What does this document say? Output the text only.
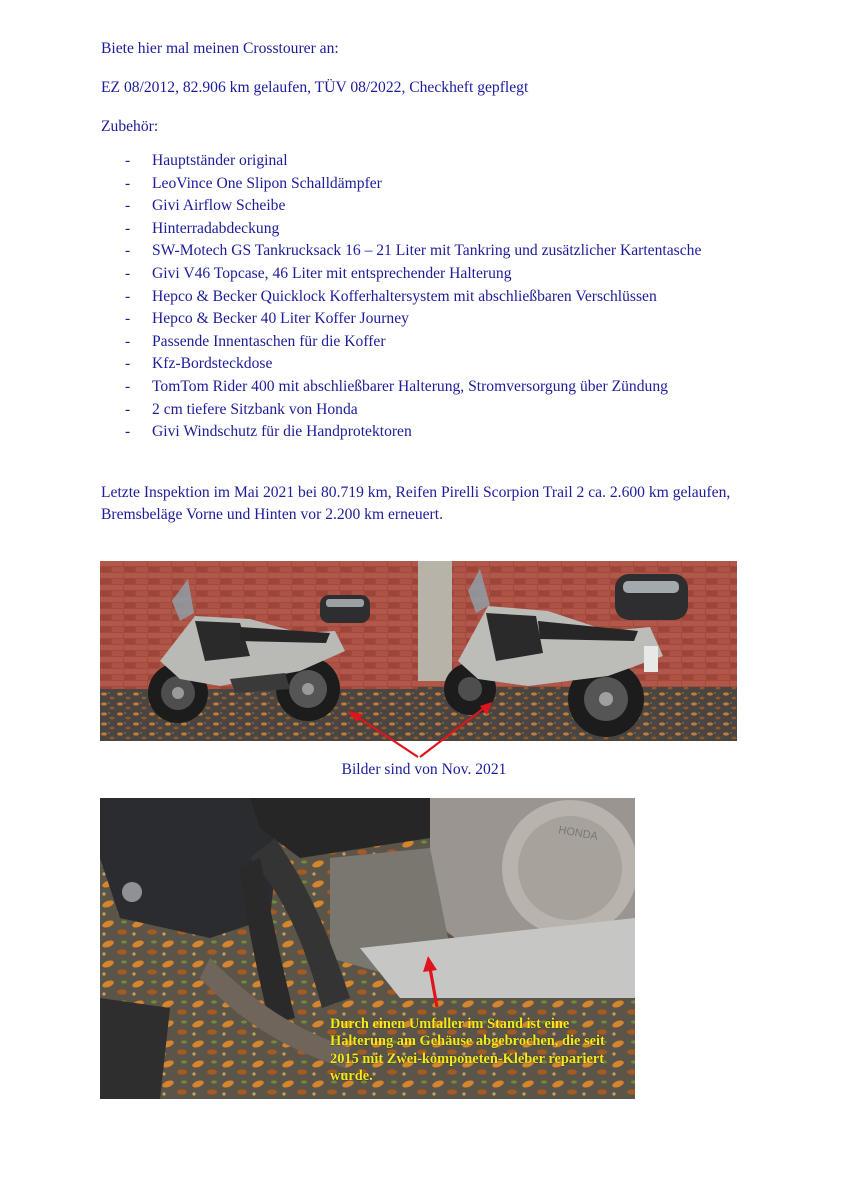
Biete hier mal meinen Crosstourer an:

EZ 08/2012, 82.906 km gelaufen, TÜV 08/2022, Checkheft gepflegt

Zubehör:

- Hauptständer original
- LeoVince One Slipon Schalldämpfer
- Givi Airflow Scheibe
- Hinterradabdeckung
- SW-Motech GS Tankrucksack 16 – 21 Liter mit Tankring und zusätzlicher Kartentasche
- Givi V46 Topcase, 46 Liter mit entsprechender Halterung
- Hepco & Becker Quicklock Kofferhaltersystem mit abschließbaren Verschlüssen
- Hepco & Becker 40 Liter Koffer Journey
- Passende Innentaschen für die Koffer
- Kfz-Bordsteckdose
- TomTom Rider 400 mit abschließbarer Halterung, Stromversorgung über Zündung
- 2 cm tiefere Sitzbank von Honda
- Givi Windschutz für die Handprotektoren

Letzte Inspektion im Mai 2021 bei 80.719 km, Reifen Pirelli Scorpion Trail 2 ca. 2.600 km gelaufen, Bremsbeläge Vorne und Hinten vor 2.200 km erneuert.

Bilder sind von Nov. 2021

HONDA

Durch einen Umfaller im Stand ist eine Halterung am Gehäuse abgebrochen, die seit 2015 mit Zwei-komponeten-Kleber repariert wurde.
